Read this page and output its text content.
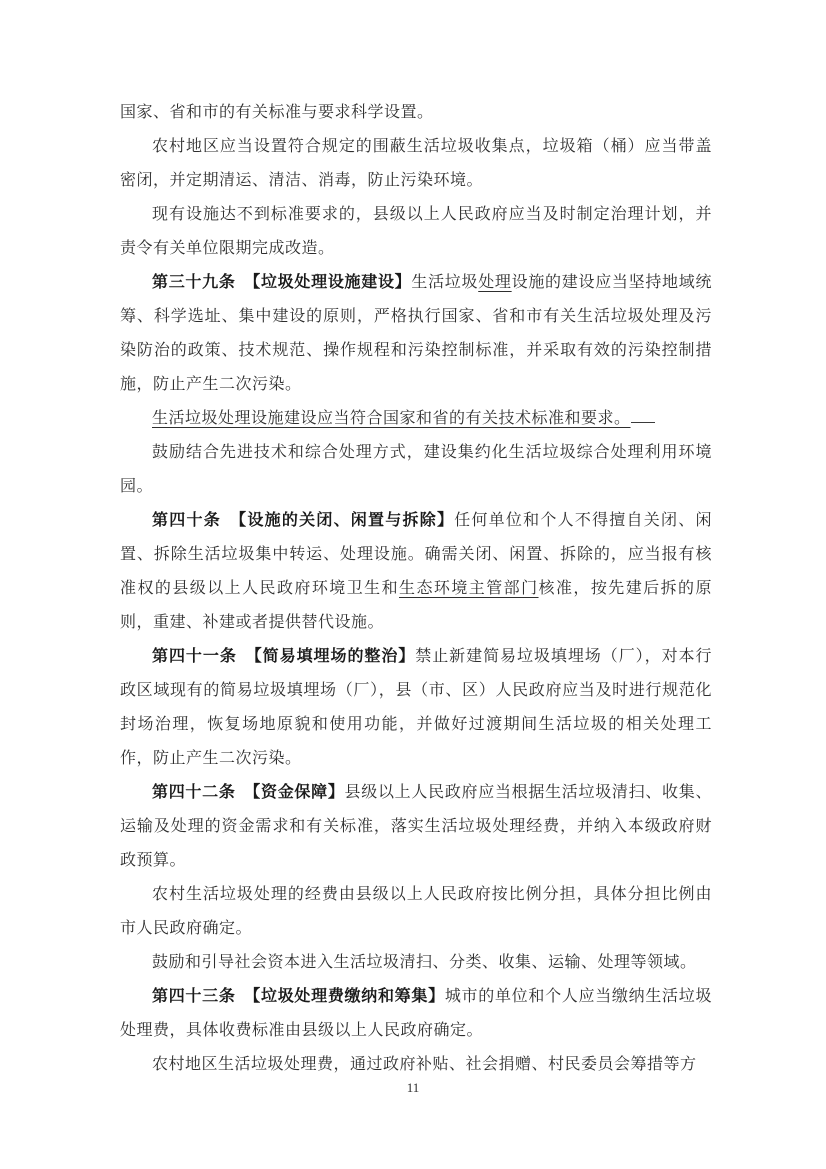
国家、省和市的有关标准与要求科学设置。

农村地区应当设置符合规定的围蔽生活垃圾收集点，垃圾箱（桶）应当带盖密闭，并定期清运、清洁、消毒，防止污染环境。

现有设施达不到标准要求的，县级以上人民政府应当及时制定治理计划，并责令有关单位限期完成改造。

第三十九条　【垃圾处理设施建设】生活垃圾处理设施的建设应当坚持地域统筹、科学选址、集中建设的原则，严格执行国家、省和市有关生活垃圾处理及污染防治的政策、技术规范、操作规程和污染控制标准，并采取有效的污染控制措施，防止产生二次污染。

生活垃圾处理设施建设应当符合国家和省的有关技术标准和要求。

鼓励结合先进技术和综合处理方式，建设集约化生活垃圾综合处理利用环境园。

第四十条　【设施的关闭、闲置与拆除】任何单位和个人不得擅自关闭、闲置、拆除生活垃圾集中转运、处理设施。确需关闭、闲置、拆除的，应当报有核准权的县级以上人民政府环境卫生和生态环境主管部门核准，按先建后拆的原则，重建、补建或者提供替代设施。

第四十一条　【简易填埋场的整治】禁止新建简易垃圾填埋场（厂），对本行政区域现有的简易垃圾填埋场（厂），县（市、区）人民政府应当及时进行规范化封场治理，恢复场地原貌和使用功能，并做好过渡期间生活垃圾的相关处理工作，防止产生二次污染。

第四十二条　【资金保障】县级以上人民政府应当根据生活垃圾清扫、收集、运输及处理的资金需求和有关标准，落实生活垃圾处理经费，并纳入本级政府财政预算。

农村生活垃圾处理的经费由县级以上人民政府按比例分担，具体分担比例由市人民政府确定。

鼓励和引导社会资本进入生活垃圾清扫、分类、收集、运输、处理等领域。

第四十三条　【垃圾处理费缴纳和筹集】城市的单位和个人应当缴纳生活垃圾处理费，具体收费标准由县级以上人民政府确定。

农村地区生活垃圾处理费，通过政府补贴、社会捐赠、村民委员会筹措等方

11
